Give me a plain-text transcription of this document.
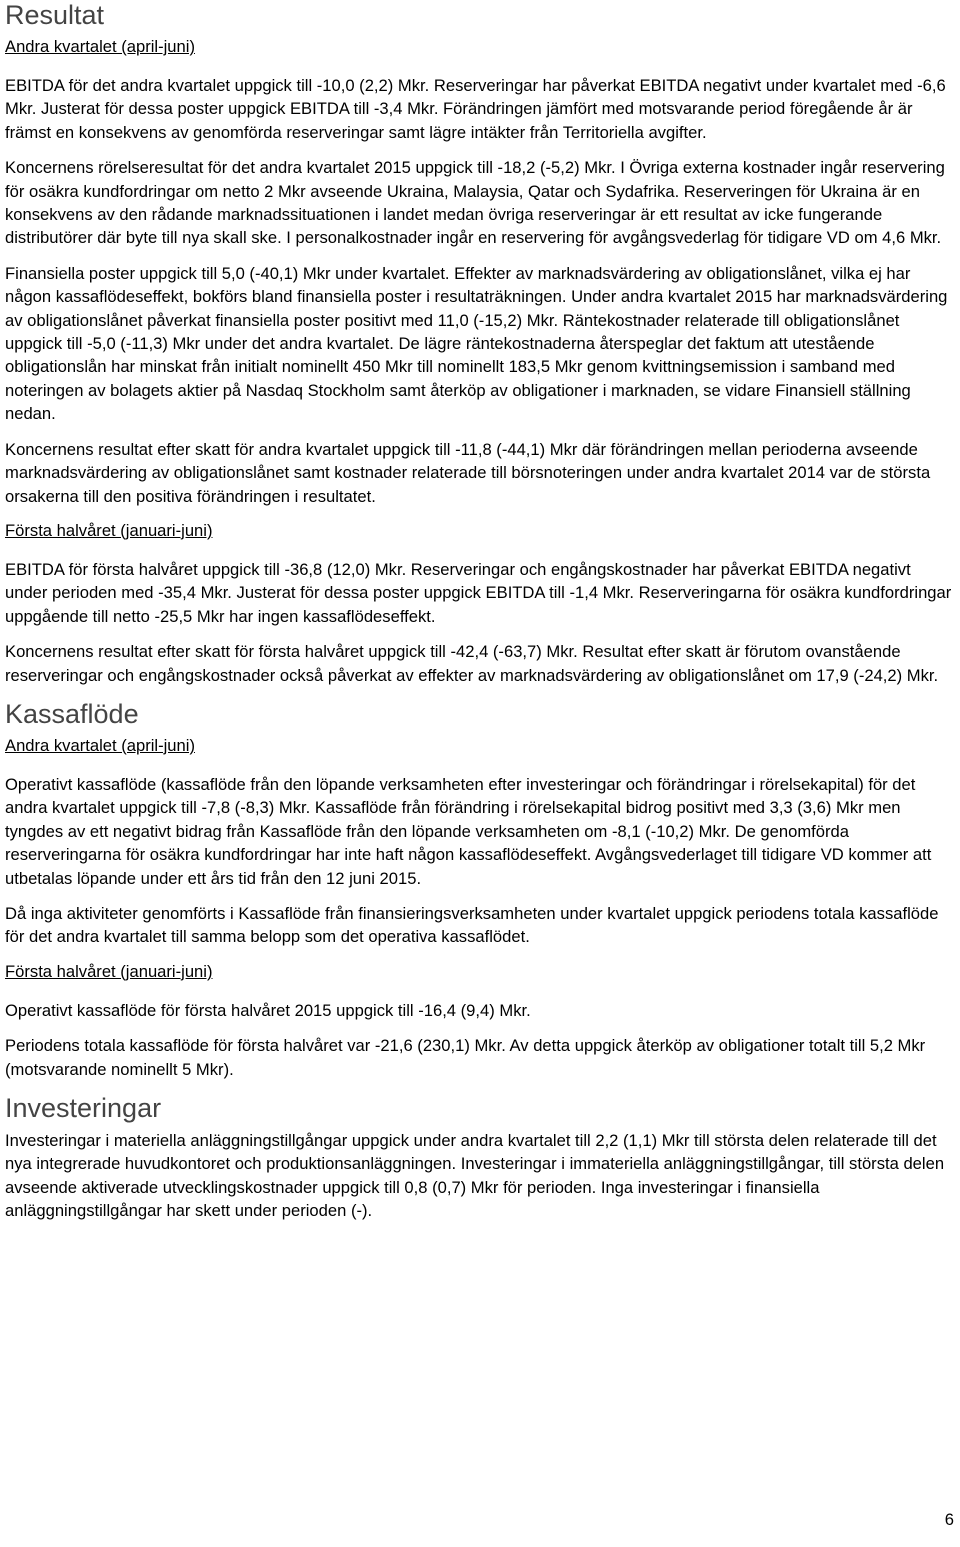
Resultat
Andra kvartalet (april-juni)

EBITDA för det andra kvartalet uppgick till -10,0 (2,2) Mkr. Reserveringar har påverkat EBITDA negativt under kvartalet med -6,6 Mkr. Justerat för dessa poster uppgick EBITDA till -3,4 Mkr. Förändringen jämfört med motsvarande period föregående år är främst en konsekvens av genomförda reserveringar samt lägre intäkter från Territoriella avgifter.

Koncernens rörelseresultat för det andra kvartalet 2015 uppgick till -18,2 (-5,2) Mkr. I Övriga externa kostnader ingår reservering för osäkra kundfordringar om netto 2 Mkr avseende Ukraina, Malaysia, Qatar och Sydafrika. Reserveringen för Ukraina är en konsekvens av den rådande marknadssituationen i landet medan övriga reserveringar är ett resultat av icke fungerande distributörer där byte till nya skall ske. I personalkostnader ingår en reservering för avgångsvederlag för tidigare VD om 4,6 Mkr.

Finansiella poster uppgick till 5,0 (-40,1) Mkr under kvartalet. Effekter av marknadsvärdering av obligationslånet, vilka ej har någon kassaflödeseffekt, bokförs bland finansiella poster i resultaträkningen. Under andra kvartalet 2015 har marknadsvärdering av obligationslånet påverkat finansiella poster positivt med 11,0 (-15,2) Mkr. Räntekostnader relaterade till obligationslånet uppgick till -5,0 (-11,3) Mkr under det andra kvartalet. De lägre räntekostnaderna återspeglar det faktum att utestående obligationslån har minskat från initialt nominellt 450 Mkr till nominellt 183,5 Mkr genom kvittningsemission i samband med noteringen av bolagets aktier på Nasdaq Stockholm samt återköp av obligationer i marknaden, se vidare Finansiell ställning nedan.

Koncernens resultat efter skatt för andra kvartalet uppgick till -11,8 (-44,1) Mkr där förändringen mellan perioderna avseende marknadsvärdering av obligationslånet samt kostnader relaterade till börsnoteringen under andra kvartalet 2014 var de största orsakerna till den positiva förändringen i resultatet.

Första halvåret (januari-juni)

EBITDA för första halvåret uppgick till -36,8 (12,0) Mkr. Reserveringar och engångskostnader har påverkat EBITDA negativt under perioden med -35,4 Mkr. Justerat för dessa poster uppgick EBITDA till -1,4 Mkr. Reserveringarna för osäkra kundfordringar uppgående till netto -25,5 Mkr har ingen kassaflödeseffekt.

Koncernens resultat efter skatt för första halvåret uppgick till -42,4 (-63,7) Mkr. Resultat efter skatt är förutom ovanstående reserveringar och engångskostnader också påverkat av effekter av marknadsvärdering av obligationslånet om 17,9 (-24,2) Mkr.

Kassaflöde
Andra kvartalet (april-juni)

Operativt kassaflöde (kassaflöde från den löpande verksamheten efter investeringar och förändringar i rörelsekapital) för det andra kvartalet uppgick till -7,8 (-8,3) Mkr. Kassaflöde från förändring i rörelsekapital bidrog positivt med 3,3 (3,6) Mkr men tyngdes av ett negativt bidrag från Kassaflöde från den löpande verksamheten om -8,1 (-10,2) Mkr. De genomförda reserveringarna för osäkra kundfordringar har inte haft någon kassaflödeseffekt. Avgångsvederlaget till tidigare VD kommer att utbetalas löpande under ett års tid från den 12 juni 2015.

Då inga aktiviteter genomförts i Kassaflöde från finansieringsverksamheten under kvartalet uppgick periodens totala kassaflöde för det andra kvartalet till samma belopp som det operativa kassaflödet.

Första halvåret (januari-juni)

Operativt kassaflöde för första halvåret 2015 uppgick till -16,4 (9,4) Mkr.

Periodens totala kassaflöde för första halvåret var -21,6 (230,1) Mkr. Av detta uppgick återköp av obligationer totalt till 5,2 Mkr (motsvarande nominellt 5 Mkr).

Investeringar

Investeringar i materiella anläggningstillgångar uppgick under andra kvartalet till 2,2 (1,1) Mkr till största delen relaterade till det nya integrerade huvudkontoret och produktionsanläggningen. Investeringar i immateriella anläggningstillgångar, till största delen avseende aktiverade utvecklingskostnader uppgick till 0,8 (0,7) Mkr för perioden. Inga investeringar i finansiella anläggningstillgångar har skett under perioden (-).

6
